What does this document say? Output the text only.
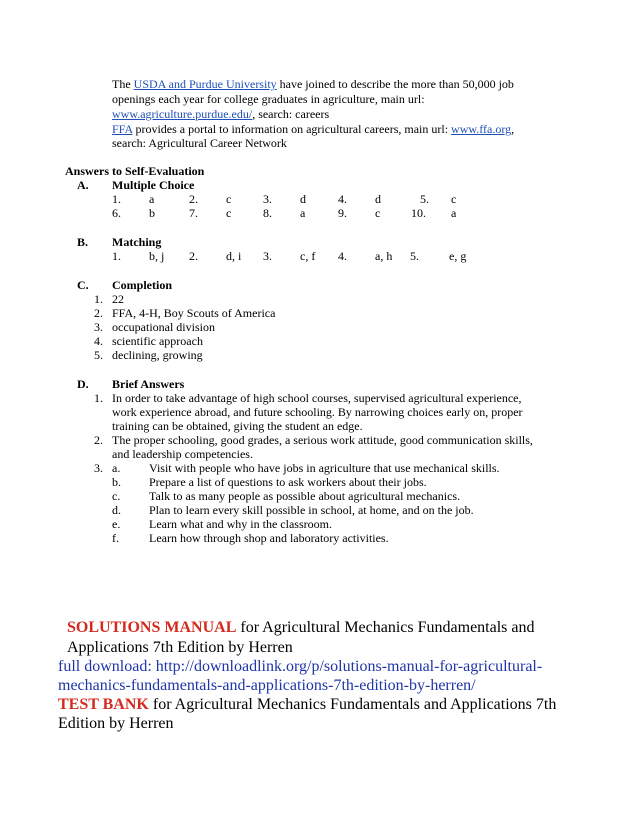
The USDA and Purdue University have joined to describe the more than 50,000 job
openings each year for college graduates in agriculture, main url:
www.agriculture.purdue.edu/, search: careers
FFA provides a portal to information on agricultural careers, main url: www.ffa.org,
search: Agricultural Career Network
Answers to Self-Evaluation
A. Multiple Choice
1. a	2. c	3. d	4. d	5. c
6. b	7. c	8. a	9. c	10. a
B. Matching
1. b, j 2. d, i 3. c, f 4. a, h 5.	e, g
C. Completion
1. 22
2. FFA, 4-H, Boy Scouts of America
3. occupational division
4. scientific approach
5. declining, growing
D. Brief Answers
1. In order to take advantage of high school courses, supervised agricultural experience,
work experience abroad, and future schooling. By narrowing choices early on, proper
training can be obtained, giving the student an edge.
2. The proper schooling, good grades, a serious work attitude, good communication skills,
and leadership competencies.
3. a. Visit with people who have jobs in agriculture that use mechanical skills.
b. Prepare a list of questions to ask workers about their jobs.
c. Talk to as many people as possible about agricultural mechanics.
d. Plan to learn every skill possible in school, at home, and on the job.
e. Learn what and why in the classroom.
f.	Learn how through shop and laboratory activities.
SOLUTIONS MANUAL for Agricultural Mechanics Fundamentals and
Applications 7th Edition by Herren
full download: http://downloadlink.org/p/solutions-manual-for-agricultural-
mechanics-fundamentals-and-applications-7th-edition-by-herren/
TEST BANK for Agricultural Mechanics Fundamentals and Applications 7th
Edition by Herren
